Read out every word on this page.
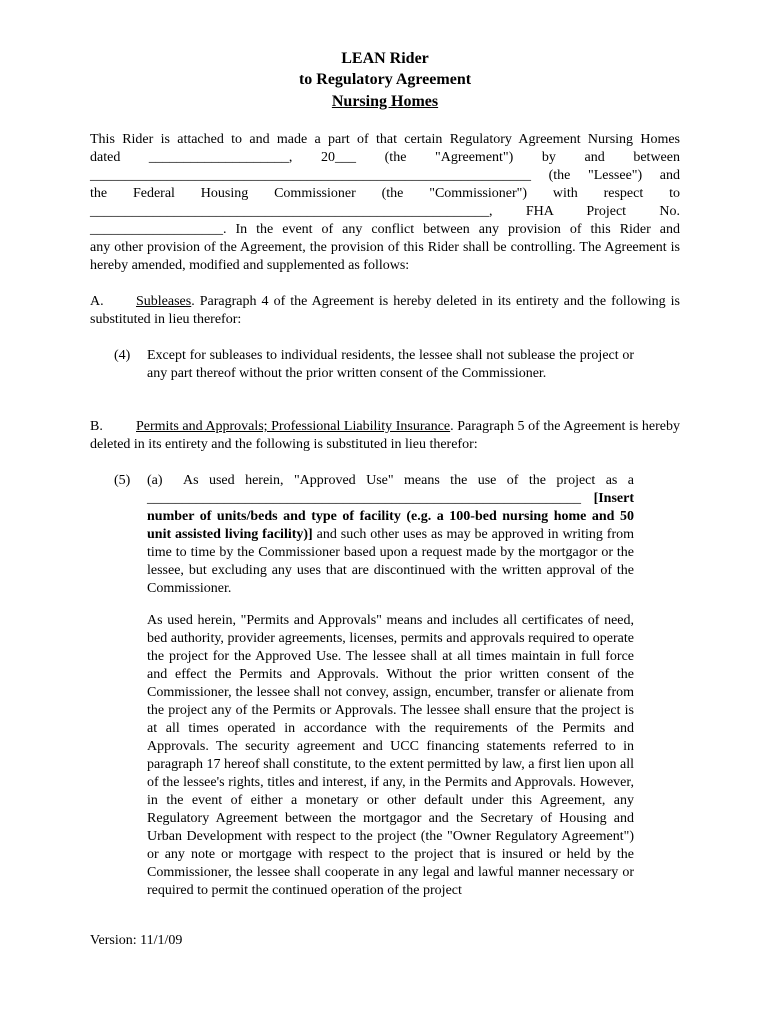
LEAN Rider
to Regulatory Agreement
Nursing Homes
This Rider is attached to and made a part of that certain Regulatory Agreement Nursing Homes
dated ____________________, 20___ (the "Agreement") by and between
_______________________________________________________________ (the "Lessee") and
the Federal Housing Commissioner (the "Commissioner") with respect to
_________________________________________________________, FHA Project No.
___________________. In the event of any conflict between any provision of this Rider and
any other provision of the Agreement, the provision of this Rider shall be controlling. The Agreement is hereby amended, modified and supplemented as follows:
A. Subleases. Paragraph 4 of the Agreement is hereby deleted in its entirety and the following is substituted in lieu therefor:
(4) Except for subleases to individual residents, the lessee shall not sublease the project or any part thereof without the prior written consent of the Commissioner.
B. Permits and Approvals; Professional Liability Insurance. Paragraph 5 of the Agreement is hereby deleted in its entirety and the following is substituted in lieu therefor:
(5) (a) As used herein, "Approved Use" means the use of the project as a ______________________________________________________________ [Insert number of units/beds and type of facility (e.g. a 100-bed nursing home and 50 unit assisted living facility)] and such other uses as may be approved in writing from time to time by the Commissioner based upon a request made by the mortgagor or the lessee, but excluding any uses that are discontinued with the written approval of the Commissioner.
As used herein, "Permits and Approvals" means and includes all certificates of need, bed authority, provider agreements, licenses, permits and approvals required to operate the project for the Approved Use. The lessee shall at all times maintain in full force and effect the Permits and Approvals. Without the prior written consent of the Commissioner, the lessee shall not convey, assign, encumber, transfer or alienate from the project any of the Permits or Approvals. The lessee shall ensure that the project is at all times operated in accordance with the requirements of the Permits and Approvals. The security agreement and UCC financing statements referred to in paragraph 17 hereof shall constitute, to the extent permitted by law, a first lien upon all of the lessee's rights, titles and interest, if any, in the Permits and Approvals. However, in the event of either a monetary or other default under this Agreement, any Regulatory Agreement between the mortgagor and the Secretary of Housing and Urban Development with respect to the project (the "Owner Regulatory Agreement") or any note or mortgage with respect to the project that is insured or held by the Commissioner, the lessee shall cooperate in any legal and lawful manner necessary or required to permit the continued operation of the project
Version: 11/1/09
